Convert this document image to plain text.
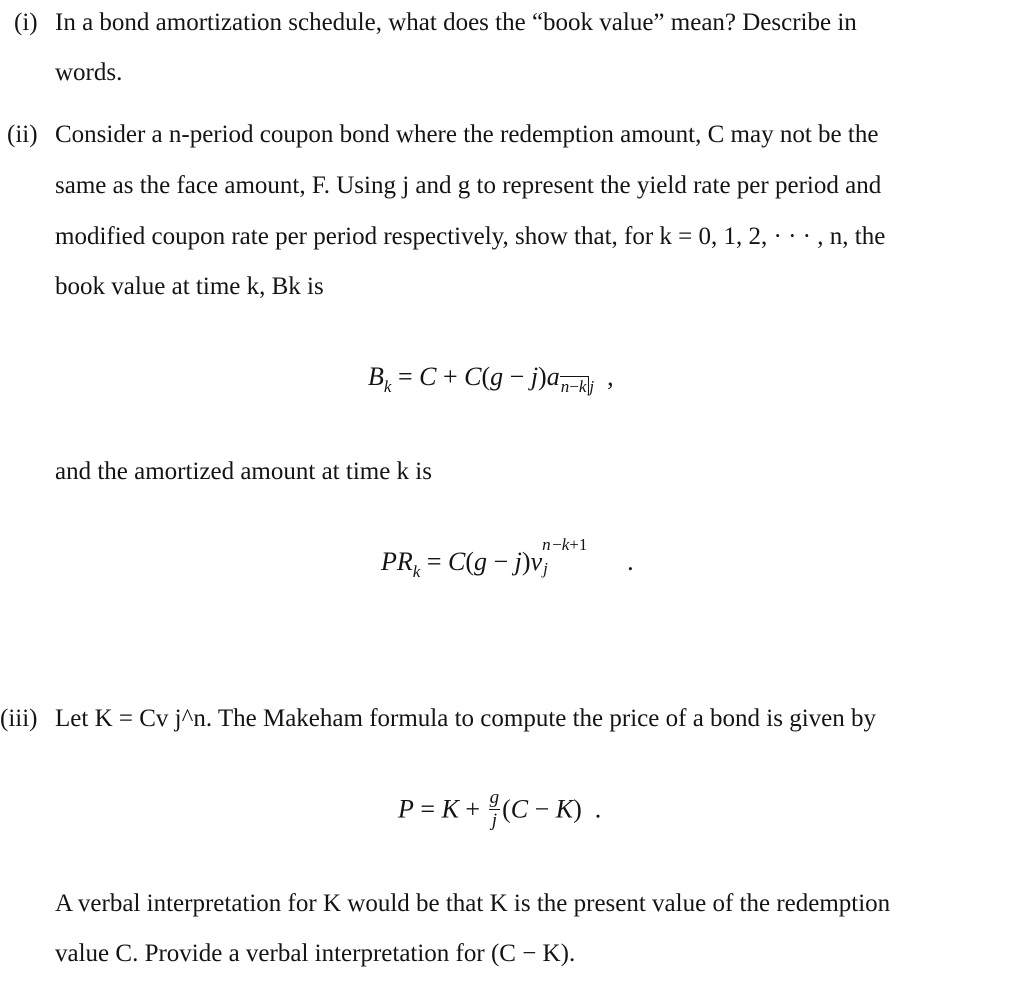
(i) In a bond amortization schedule, what does the “book value” mean? Describe in
words.
(ii) Consider a n-period coupon bond where the redemption amount, C may not be the
same as the face amount, F. Using j and g to represent the yield rate per period and
modified coupon rate per period respectively, show that, for k = 0, 1, 2, · · · , n, the
book value at time k, Bk is
$B_k = C + C(g - j)an-k$ $_j$  ,
and the amortized amount at time k is
$PR_k = C(g - j)v$
n −k+1
j	.
(iii) Let K = Cv j^n. The Makeham formula to compute the price of a bond is given by
$P = K + \frac{g}{j} (C - K)$  .
A verbal interpretation for K would be that K is the present value of the redemption
value C. Provide a verbal interpretation for (C − K).
